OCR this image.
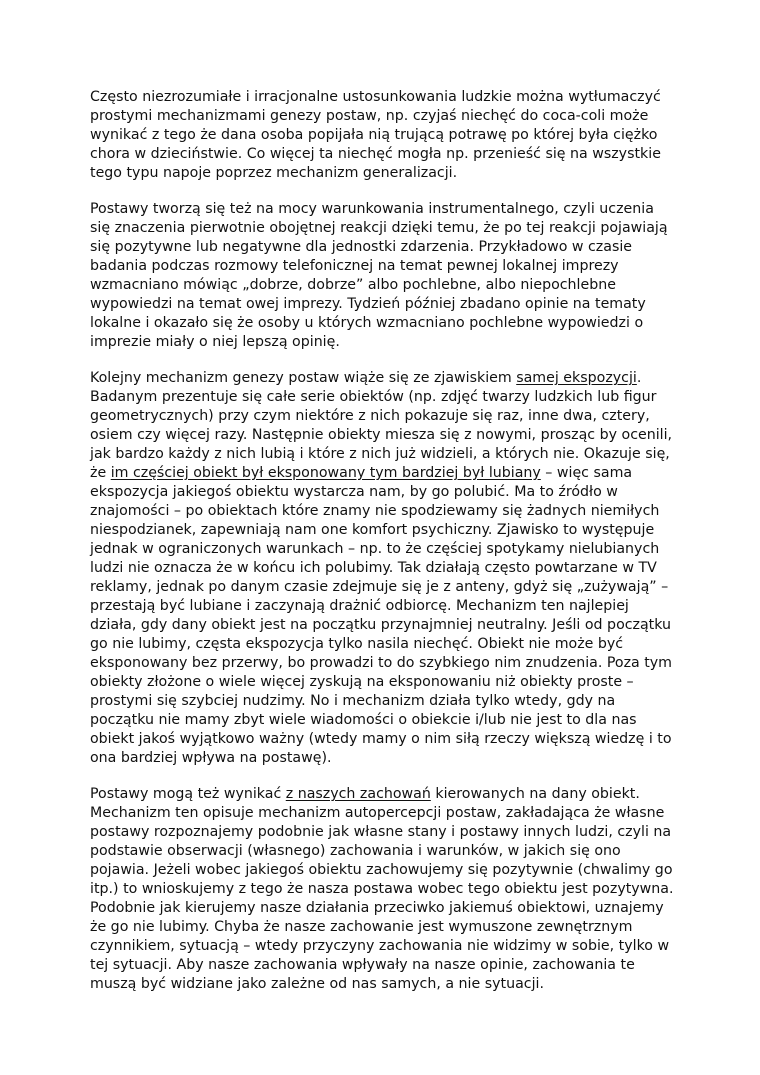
Często niezrozumiałe i irracjonalne ustosunkowania ludzkie można wytłumaczyć prostymi mechanizmami genezy postaw, np. czyjaś niechęć do coca-coli może wynikać z tego że dana osoba popijała nią trującą potrawę po której była ciężko chora w dzieciństwie. Co więcej ta niechęć mogła np. przenieść się na wszystkie tego typu napoje poprzez mechanizm generalizacji.

Postawy tworzą się też na mocy warunkowania instrumentalnego, czyli uczenia się znaczenia pierwotnie obojętnej reakcji dzięki temu, że po tej reakcji pojawiają się pozytywne lub negatywne dla jednostki zdarzenia. Przykładowo w czasie badania podczas rozmowy telefonicznej na temat pewnej lokalnej imprezy wzmacniano mówiąc „dobrze, dobrze” albo pochlebne, albo niepochlebne wypowiedzi na temat owej imprezy. Tydzień później zbadano opinie na tematy lokalne i okazało się że osoby u których wzmacniano pochlebne wypowiedzi o imprezie miały o niej lepszą opinię.

Kolejny mechanizm genezy postaw wiąże się ze zjawiskiem samej ekspozycji. Badanym prezentuje się całe serie obiektów (np. zdjęć twarzy ludzkich lub figur geometrycznych) przy czym niektóre z nich pokazuje się raz, inne dwa, cztery, osiem czy więcej razy. Następnie obiekty miesza się z nowymi, prosząc by ocenili, jak bardzo każdy z nich lubią i które z nich już widzieli, a których nie. Okazuje się, że im częściej obiekt był eksponowany tym bardziej był lubiany – więc sama ekspozycja jakiegoś obiektu wystarcza nam, by go polubić. Ma to źródło w znajomości – po obiektach które znamy nie spodziewamy się żadnych niemiłych niespodzianek, zapewniają nam one komfort psychiczny. Zjawisko to występuje jednak w ograniczonych warunkach – np. to że częściej spotykamy nielubianych ludzi nie oznacza że w końcu ich polubimy. Tak działają często powtarzane w TV reklamy, jednak po danym czasie zdejmuje się je z anteny, gdyż się „zużywają” – przestają być lubiane i zaczynają drażnić odbiorcę. Mechanizm ten najlepiej działa, gdy dany obiekt jest na początku przynajmniej neutralny. Jeśli od początku go nie lubimy, częsta ekspozycja tylko nasila niechęć. Obiekt nie może być eksponowany bez przerwy, bo prowadzi to do szybkiego nim znudzenia. Poza tym obiekty złożone o wiele więcej zyskują na eksponowaniu niż obiekty proste – prostymi się szybciej nudzimy. No i mechanizm działa tylko wtedy, gdy na początku nie mamy zbyt wiele wiadomości o obiekcie i/lub nie jest to dla nas obiekt jakoś wyjątkowo ważny (wtedy mamy o nim siłą rzeczy większą wiedzę i to ona bardziej wpływa na postawę).

Postawy mogą też wynikać z naszych zachowań kierowanych na dany obiekt. Mechanizm ten opisuje mechanizm autopercepcji postaw, zakładająca że własne postawy rozpoznajemy podobnie jak własne stany i postawy innych ludzi, czyli na podstawie obserwacji (własnego) zachowania i warunków, w jakich się ono pojawia. Jeżeli wobec jakiegoś obiektu zachowujemy się pozytywnie (chwalimy go itp.) to wnioskujemy z tego że nasza postawa wobec tego obiektu jest pozytywna. Podobnie jak kierujemy nasze działania przeciwko jakiemuś obiektowi, uznajemy że go nie lubimy. Chyba że nasze zachowanie jest wymuszone zewnętrznym czynnikiem, sytuacją – wtedy przyczyny zachowania nie widzimy w sobie, tylko w tej sytuacji. Aby nasze zachowania wpływały na nasze opinie, zachowania te muszą być widziane jako zależne od nas samych, a nie sytuacji.
